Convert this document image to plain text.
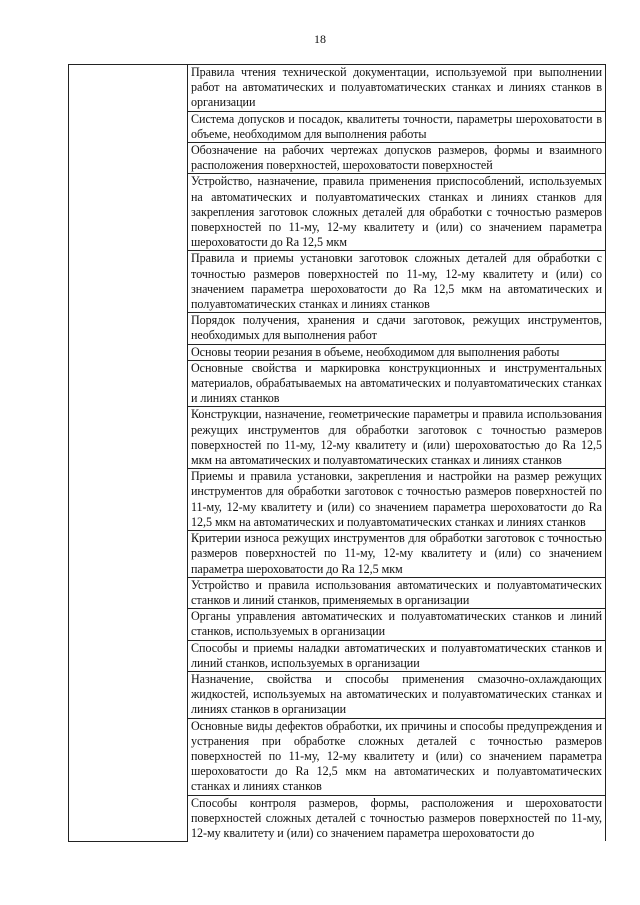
18
	Правила чтения технической документации, используемой при выполнении работ на автоматических и полуавтоматических станках и линиях станков в организации
Система допусков и посадок, квалитеты точности, параметры шероховатости в объеме, необходимом для выполнения работы
Обозначение на рабочих чертежах допусков размеров, формы и взаимного расположения поверхностей, шероховатости поверхностей
Устройство, назначение, правила применения приспособлений, используемых на автоматических и полуавтоматических станках и линиях станков для закрепления заготовок сложных деталей для обработки с точностью размеров поверхностей по 11-му, 12-му квалитету и (или) со значением параметра шероховатости до Ra 12,5 мкм
Правила и приемы установки заготовок сложных деталей для обработки с точностью размеров поверхностей по 11-му, 12-му квалитету и (или) со значением параметра шероховатости до Ra 12,5 мкм на автоматических и полуавтоматических станках и линиях станков
Порядок получения, хранения и сдачи заготовок, режущих инструментов, необходимых для выполнения работ
Основы теории резания в объеме, необходимом для выполнения работы
Основные свойства и маркировка конструкционных и инструментальных материалов, обрабатываемых на автоматических и полуавтоматических станках и линиях станков
Конструкции, назначение, геометрические параметры и правила использования режущих инструментов для обработки заготовок с точностью размеров поверхностей по 11-му, 12-му квалитету и (или) шероховатостью до Ra 12,5 мкм на автоматических и полуавтоматических станках и линиях станков
Приемы и правила установки, закрепления и настройки на размер режущих инструментов для обработки заготовок с точностью размеров поверхностей по 11-му, 12-му квалитету и (или) со значением параметра шероховатости до Ra 12,5 мкм на автоматических и полуавтоматических станках и линиях станков
Критерии износа режущих инструментов для обработки заготовок с точностью размеров поверхностей по 11-му, 12-му квалитету и (или) со значением параметра шероховатости до Ra 12,5 мкм
Устройство и правила использования автоматических и полуавтоматических станков и линий станков, применяемых в организации
Органы управления автоматических и полуавтоматических станков и линий станков, используемых в организации
Способы и приемы наладки автоматических и полуавтоматических станков и линий станков, используемых в организации
Назначение, свойства и способы применения смазочно-охлаждающих жидкостей, используемых на автоматических и полуавтоматических станках и линиях станков в организации
Основные виды дефектов обработки, их причины и способы предупреждения и устранения при обработке сложных деталей с точностью размеров поверхностей по 11-му, 12-му квалитету и (или) со значением параметра шероховатости до Ra 12,5 мкм на автоматических и полуавтоматических станках и линиях станков
Способы контроля размеров, формы, расположения и шероховатости поверхностей сложных деталей с точностью размеров поверхностей по 11-му, 12-му квалитету и (или) со значением параметра шероховатости до
